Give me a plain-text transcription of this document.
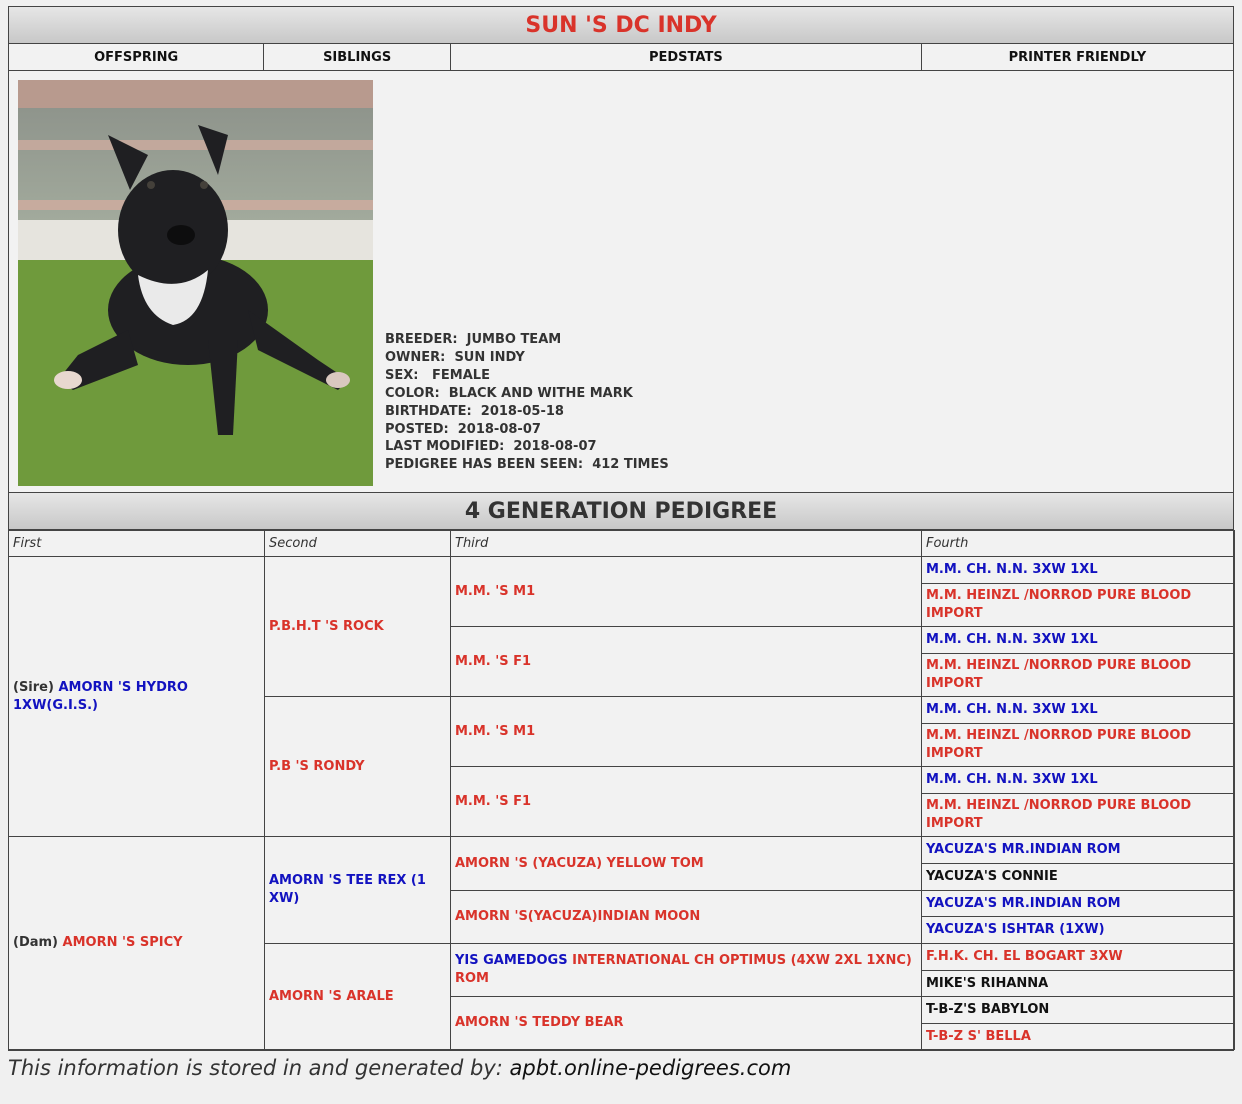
SUN 'S DC INDY
OFFSPRING	SIBLINGS	PEDSTATS	PRINTER FRIENDLY
BREEDER: JUMBO TEAM
OWNER: SUN INDY
SEX: FEMALE
COLOR: BLACK AND WITHE MARK
BIRTHDATE: 2018-05-18
POSTED: 2018-08-07
LAST MODIFIED: 2018-08-07
PEDIGREE HAS BEEN SEEN: 412 TIMES
4 GENERATION PEDIGREE
First	Second	Third	Fourth
(Sire) AMORN 'S HYDRO 1XW(G.I.S.)	P.B.H.T 'S ROCK	M.M. 'S M1	M.M. CH. N.N. 3XW 1XL
			M.M. HEINZL /NORROD PURE BLOOD IMPORT
		M.M. 'S F1	M.M. CH. N.N. 3XW 1XL
			M.M. HEINZL /NORROD PURE BLOOD IMPORT
	P.B 'S RONDY	M.M. 'S M1	M.M. CH. N.N. 3XW 1XL
			M.M. HEINZL /NORROD PURE BLOOD IMPORT
		M.M. 'S F1	M.M. CH. N.N. 3XW 1XL
			M.M. HEINZL /NORROD PURE BLOOD IMPORT
(Dam) AMORN 'S SPICY	AMORN 'S TEE REX (1 XW)	AMORN 'S (YACUZA) YELLOW TOM	YACUZA'S MR.INDIAN ROM
			YACUZA'S CONNIE
		AMORN 'S(YACUZA)INDIAN MOON	YACUZA'S MR.INDIAN ROM
			YACUZA'S ISHTAR (1XW)
	AMORN 'S ARALE	YIS GAMEDOGS INTERNATIONAL CH OPTIMUS (4XW 2XL 1XNC) ROM	F.H.K. CH. EL BOGART 3XW
			MIKE'S RIHANNA
		AMORN 'S TEDDY BEAR	T-B-Z'S BABYLON
			T-B-Z S' BELLA
This information is stored in and generated by: apbt.online-pedigrees.com
